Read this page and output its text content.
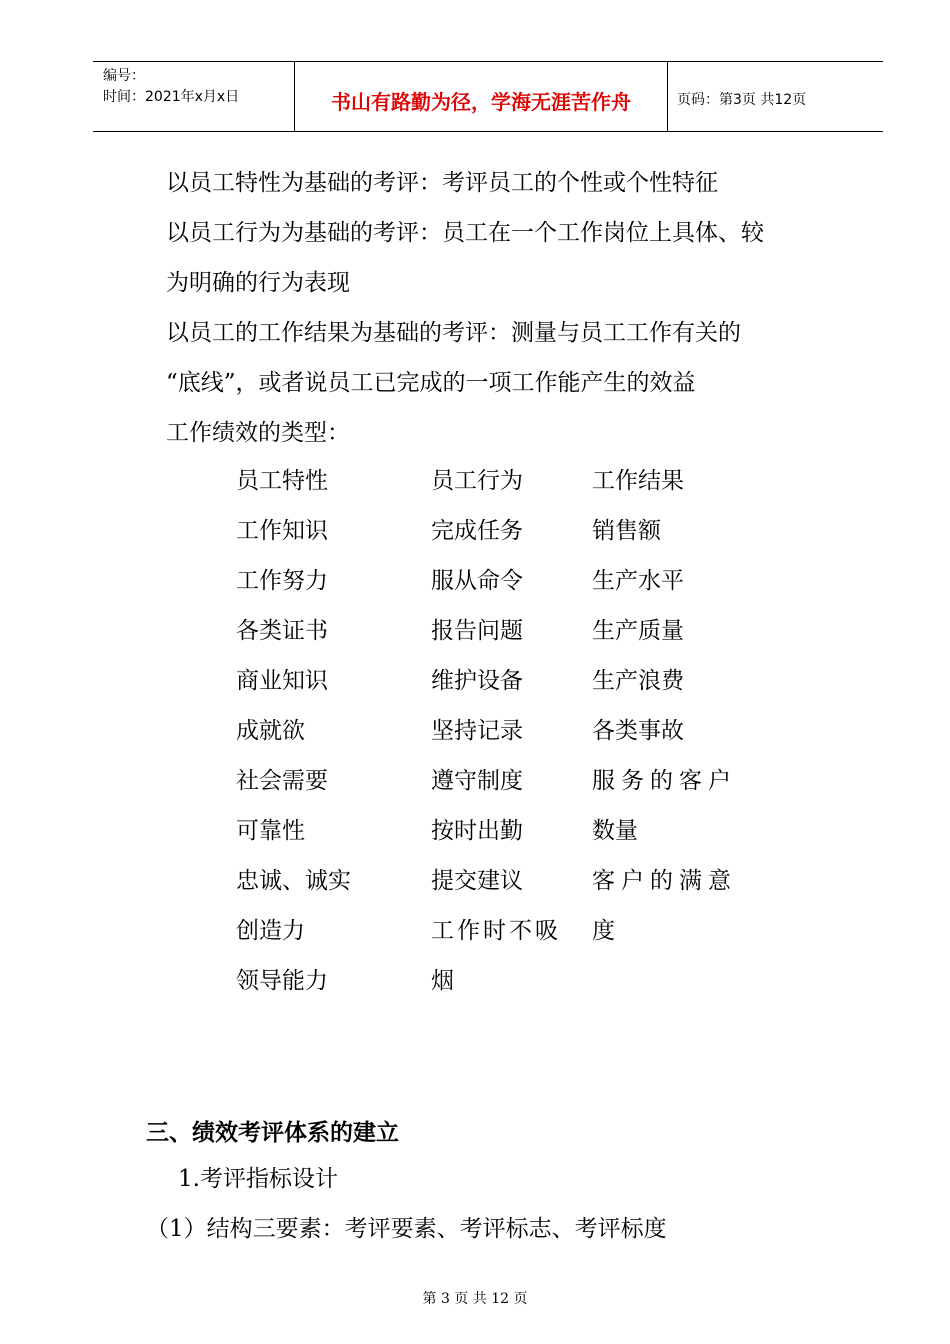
编号：
时间：2021年x月x日	书山有路勤为径，学海无涯苦作舟	页码：第3页 共12页
以员工特性为基础的考评：考评员工的个性或个性特征
以员工行为为基础的考评：员工在一个工作岗位上具体、较
为明确的行为表现
以员工的工作结果为基础的考评：测量与员工工作有关的
“底线”，或者说员工已完成的一项工作能产生的效益
工作绩效的类型：
员工特性
工作知识
工作努力
各类证书
商业知识
成就欲
社会需要
可靠性
忠诚、诚实
创造力
领导能力
员工行为
完成任务
服从命令
报告问题
维护设备
坚持记录
遵守制度
按时出勤
提交建议
工作时不吸
烟
工作结果
销售额
生产水平
生产质量
生产浪费
各类事故
服务的客户
数量
客户的满意
度
三、绩效考评体系的建立
1.考评指标设计
（1）结构三要素：考评要素、考评标志、考评标度
第 3 页 共 12 页
